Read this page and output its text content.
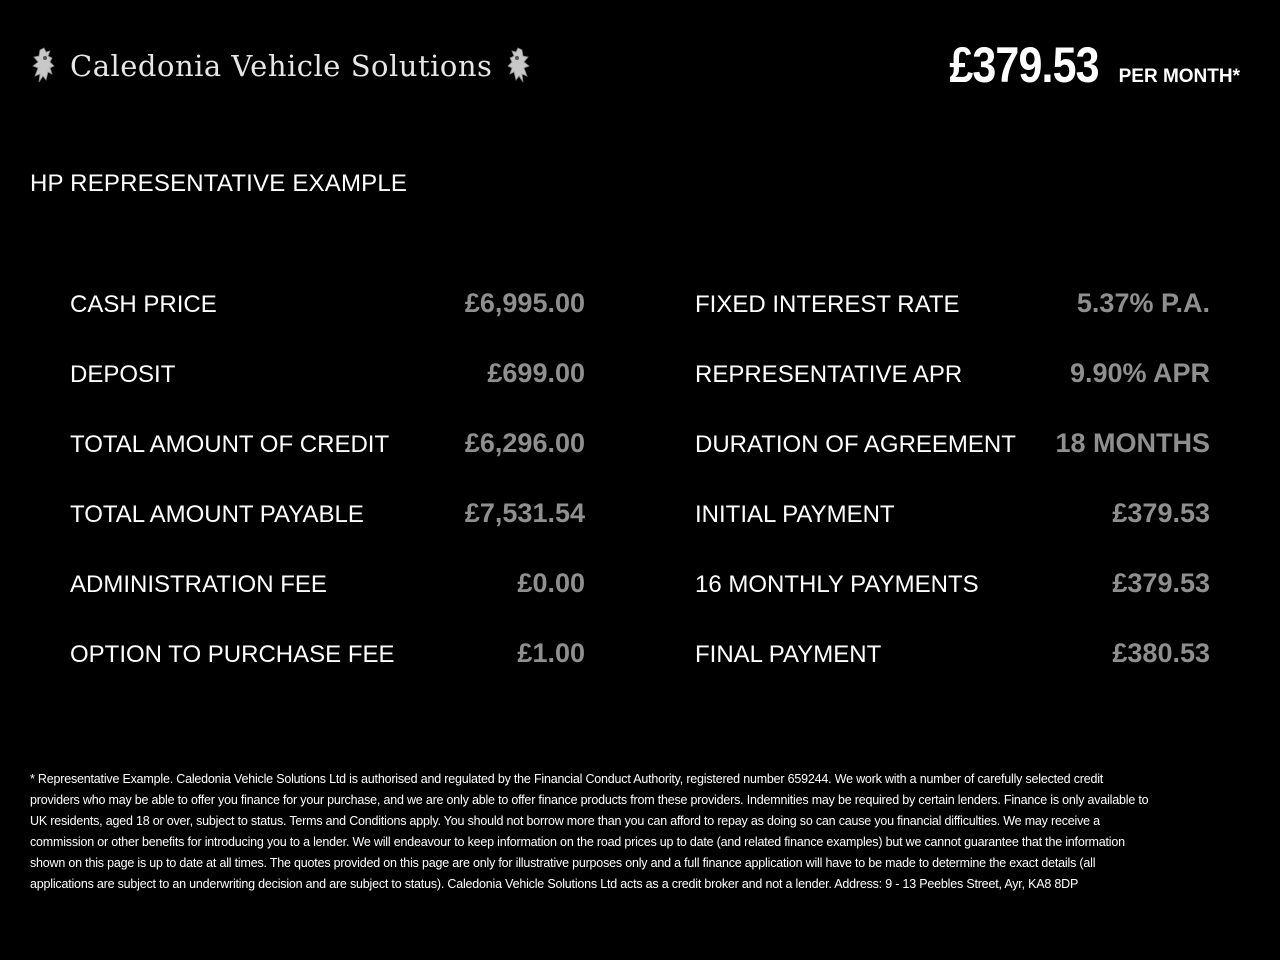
Caledonia Vehicle Solutions	£379.53 PER MONTH*
HP REPRESENTATIVE EXAMPLE
CASH PRICE	£6,995.00
DEPOSIT	£699.00
TOTAL AMOUNT OF CREDIT	£6,296.00
TOTAL AMOUNT PAYABLE	£7,531.54
ADMINISTRATION FEE	£0.00
OPTION TO PURCHASE FEE	£1.00
FIXED INTEREST RATE	5.37% P.A.
REPRESENTATIVE APR	9.90% APR
DURATION OF AGREEMENT 18 MONTHS
INITIAL PAYMENT	£379.53
16 MONTHLY PAYMENTS	£379.53
FINAL PAYMENT	£380.53
* Representative Example. Caledonia Vehicle Solutions Ltd is authorised and regulated by the Financial Conduct Authority, registered number 659244. We work with a number of carefully selected credit providers who may be able to offer you finance for your purchase, and we are only able to offer finance products from these providers. Indemnities may be required by certain lenders. Finance is only available to UK residents, aged 18 or over, subject to status. Terms and Conditions apply. You should not borrow more than you can afford to repay as doing so can cause you financial difficulties. We may receive a commission or other benefits for introducing you to a lender. We will endeavour to keep information on the road prices up to date (and related finance examples) but we cannot guarantee that the information shown on this page is up to date at all times. The quotes provided on this page are only for illustrative purposes only and a full finance application will have to be made to determine the exact details (all applications are subject to an underwriting decision and are subject to status). Caledonia Vehicle Solutions Ltd acts as a credit broker and not a lender. Address: 9 - 13 Peebles Street, Ayr, KA8 8DP
